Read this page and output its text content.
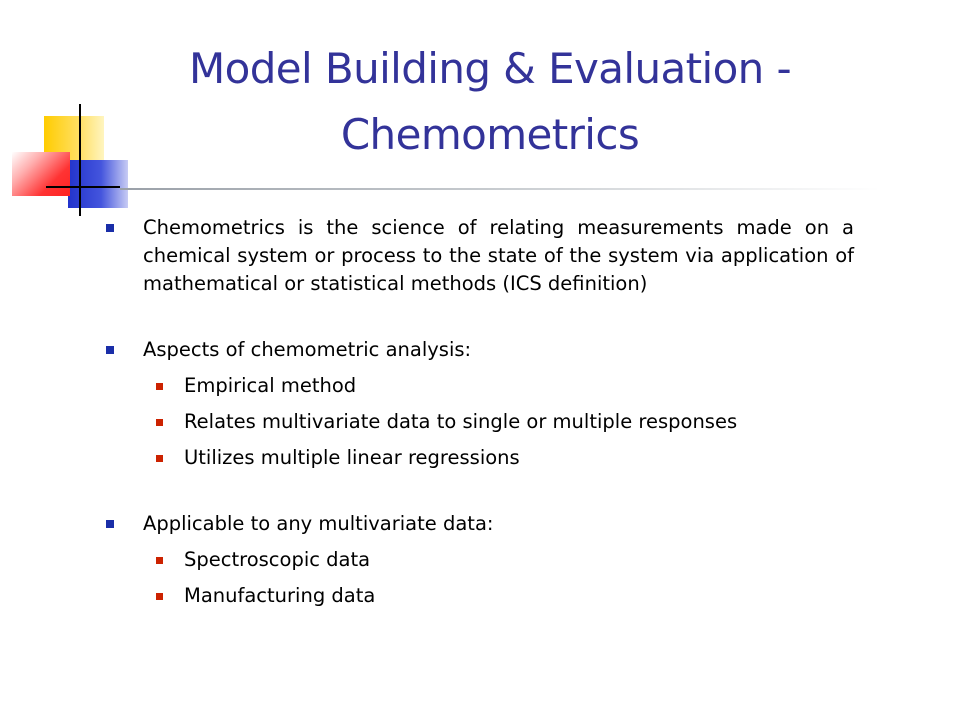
Model Building & Evaluation - Chemometrics

Chemometrics is the science of relating measurements made on a chemical system or process to the state of the system via application of mathematical or statistical methods (ICS definition)

Aspects of chemometric analysis:

Empirical method

Relates multivariate data to single or multiple responses

Utilizes multiple linear regressions

Applicable to any multivariate data:

Spectroscopic data

Manufacturing data
